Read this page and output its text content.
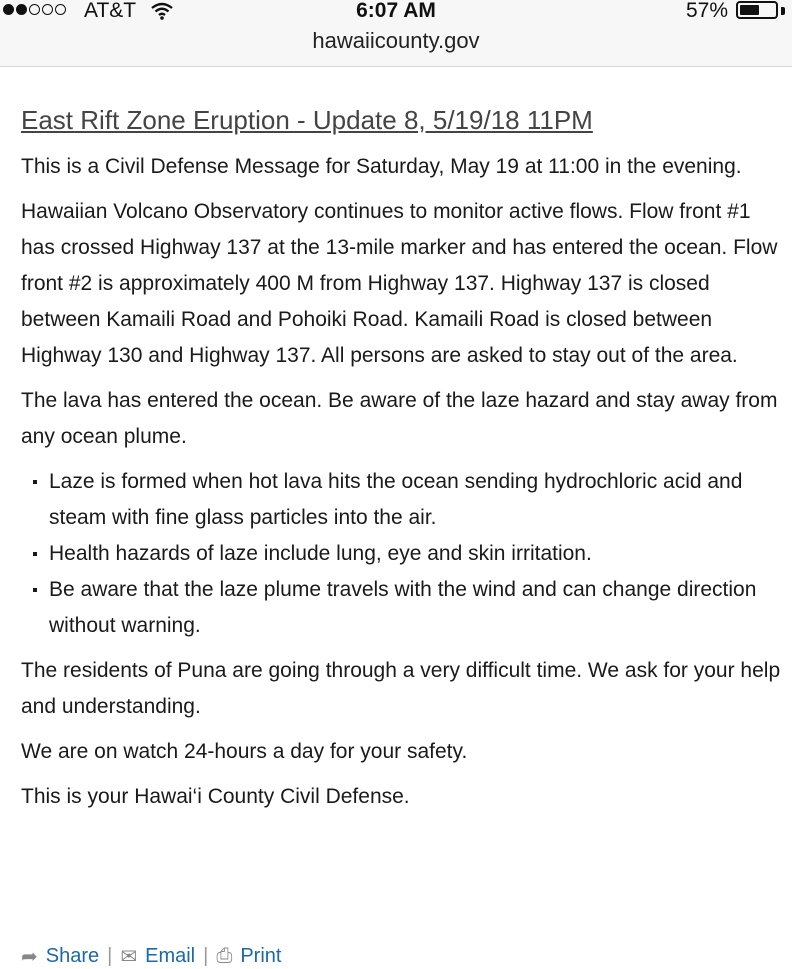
AT&T	6:07 AM	57%
hawaiicounty.gov
East Rift Zone Eruption - Update 8, 5/19/18 11PM

This is a Civil Defense Message for Saturday, May 19 at 11:00 in the evening.

Hawaiian Volcano Observatory continues to monitor active flows. Flow front #1 has crossed Highway 137 at the 13-mile marker and has entered the ocean. Flow front #2 is approximately 400 M from Highway 137. Highway 137 is closed between Kamaili Road and Pohoiki Road. Kamaili Road is closed between Highway 130 and Highway 137. All persons are asked to stay out of the area.

The lava has entered the ocean. Be aware of the laze hazard and stay away from any ocean plume.

Laze is formed when hot lava hits the ocean sending hydrochloric acid and steam with fine glass particles into the air.
Health hazards of laze include lung, eye and skin irritation.
Be aware that the laze plume travels with the wind and can change direction without warning.

The residents of Puna are going through a very difficult time. We ask for your help and understanding.

We are on watch 24-hours a day for your safety.

This is your Hawai‘i County Civil Defense.

➦ Share | ✉ Email | ⎙ Print
